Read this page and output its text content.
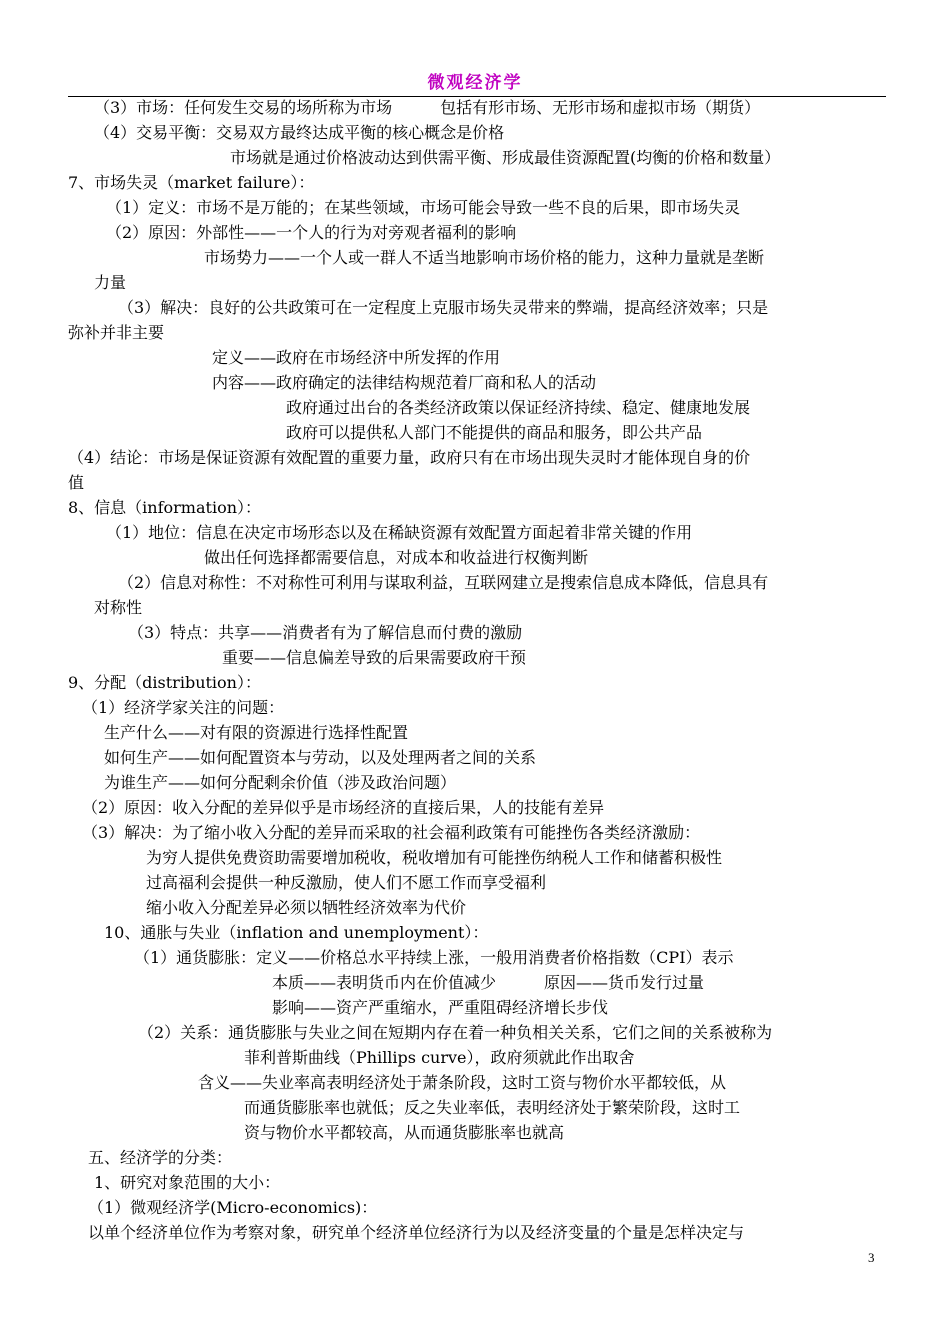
微观经济学
（3）市场：任何发生交易的场所称为市场　　　包括有形市场、无形市场和虚拟市场（期货）
（4）交易平衡：交易双方最终达成平衡的核心概念是价格
市场就是通过价格波动达到供需平衡、形成最佳资源配置(均衡的价格和数量）
7、市场失灵（market failure）：
（1）定义：市场不是万能的；在某些领域，市场可能会导致一些不良的后果，即市场失灵
（2）原因：外部性——一个人的行为对旁观者福利的影响
市场势力——一个人或一群人不适当地影响市场价格的能力，这种力量就是垄断
力量
（3）解决：良好的公共政策可在一定程度上克服市场失灵带来的弊端，提高经济效率；只是
弥补并非主要
定义——政府在市场经济中所发挥的作用
内容——政府确定的法律结构规范着厂商和私人的活动
政府通过出台的各类经济政策以保证经济持续、稳定、健康地发展
政府可以提供私人部门不能提供的商品和服务，即公共产品
（4）结论：市场是保证资源有效配置的重要力量，政府只有在市场出现失灵时才能体现自身的价
值
8、信息（information）：
（1）地位：信息在决定市场形态以及在稀缺资源有效配置方面起着非常关键的作用
做出任何选择都需要信息，对成本和收益进行权衡判断
（2）信息对称性：不对称性可利用与谋取利益，互联网建立是搜索信息成本降低，信息具有
对称性
（3）特点：共享——消费者有为了解信息而付费的激励
重要——信息偏差导致的后果需要政府干预
9、分配（distribution）：
（1）经济学家关注的问题：
生产什么——对有限的资源进行选择性配置
如何生产——如何配置资本与劳动，以及处理两者之间的关系
为谁生产——如何分配剩余价值（涉及政治问题）
（2）原因：收入分配的差异似乎是市场经济的直接后果，人的技能有差异
（3）解决：为了缩小收入分配的差异而采取的社会福利政策有可能挫伤各类经济激励：
为穷人提供免费资助需要增加税收，税收增加有可能挫伤纳税人工作和储蓄积极性
过高福利会提供一种反激励，使人们不愿工作而享受福利
缩小收入分配差异必须以牺牲经济效率为代价
10、通胀与失业（inflation and unemployment）：
（1）通货膨胀：定义——价格总水平持续上涨，一般用消费者价格指数（CPI）表示
本质——表明货币内在价值减少　　　原因——货币发行过量
影响——资产严重缩水，严重阻碍经济增长步伐
（2）关系：通货膨胀与失业之间在短期内存在着一种负相关关系，它们之间的关系被称为
菲利普斯曲线（Phillips curve），政府须就此作出取舍
含义——失业率高表明经济处于萧条阶段，这时工资与物价水平都较低，从
而通货膨胀率也就低；反之失业率低，表明经济处于繁荣阶段，这时工
资与物价水平都较高，从而通货膨胀率也就高
五、经济学的分类：
1、研究对象范围的大小：
（1）微观经济学(Micro-economics)：
以单个经济单位作为考察对象，研究单个经济单位经济行为以及经济变量的个量是怎样决定与
3
